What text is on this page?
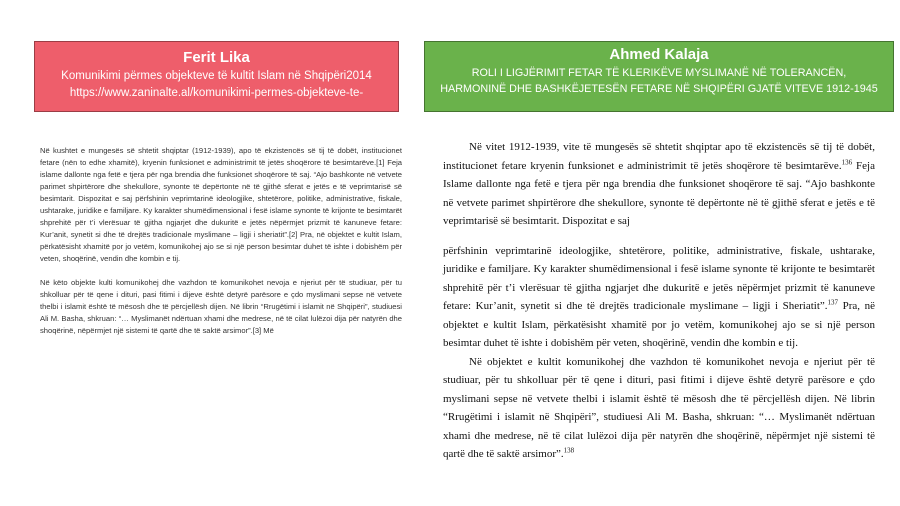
Ferit Lika
Komunikimi përmes objekteve të kultit Islam në Shqipëri2014
https://www.zaninalte.al/komunikimi-permes-objekteve-te-
Ahmed Kalaja
ROLI I LIGJËRIMIT FETAR TË KLERIKËVE MYSLIMANË NË TOLERANCËN,
HARMONINË DHE BASHKËJETESËN FETARE NË SHQIPËRI GJATË VITEVE 1912-1945

Në kushtet e mungesës së shtetit shqiptar (1912-1939), apo të ekzistencës së tij të dobët, institucionet fetare (nën to edhe xhamitë), kryenin funksionet e administrimit të jetës shoqërore të besimtarëve.[1] Feja islame dallonte nga fetë e tjera për nga brendia dhe funksionet shoqërore të saj. “Ajo bashkonte në vetvete parimet shpirtërore dhe shekullore, synonte të depërtonte në të gjithë sferat e jetës e të veprimtarisë së besimtarit. Dispozitat e saj përfshinin veprimtarinë ideologjike, shtetërore, politike, administrative, fiskale, ushtarake, juridike e familjare. Ky karakter shumëdimensional i fesë islame synonte të krijonte te besimtarët shprehitë për t’i vlerësuar të gjitha ngjarjet dhe dukuritë e jetës nëpërmjet prizmit të kanuneve fetare: Kur’anit, synetit si dhe të drejtës tradicionale myslimane – ligji i sheriatit”.[2] Pra, në objektet e kultit Islam, përkatësisht xhamitë por jo vetëm, komunikohej ajo se si një person besimtar duhet të ishte i dobishëm për veten, shoqërinë, vendin dhe kombin e tij.

Në këto objekte kulti komunikohej dhe vazhdon të komunikohet nevoja e njeriut për të studiuar, për tu shkolluar për të qene i dituri, pasi fitimi i dijeve është detyrë parësore e çdo myslimani sepse në vetvete thelbi i islamit është të mësosh dhe të përcjellësh dijen. Në librin “Rrugëtimi i islamit në Shqipëri”, studiuesi Ali M. Basha, shkruan: “… Myslimanët ndërtuan xhami dhe medrese, në të cilat lulëzoi dija për natyrën dhe shoqërinë, nëpërmjet një sistemi të qartë dhe të saktë arsimor”.[3] Më

Në vitet 1912-1939, vite të mungesës së shtetit shqiptar apo të ekzistencës së tij të dobët, institucionet fetare kryenin funksionet e administrimit të jetës shoqërore të besimtarëve.$^{136}$ Feja Islame dallonte nga fetë e tjera për nga brendia dhe funksionet shoqërore të saj. “Ajo bashkonte në vetvete parimet shpirtërore dhe shekullore, synonte të depërtonte në të gjithë sferat e jetës e të veprimtarisë së besimtarit. Dispozitat e saj

përfshinin veprimtarinë ideologjike, shtetërore, politike, administrative, fiskale, ushtarake, juridike e familjare. Ky karakter shumëdimensional i fesë islame synonte të krijonte te besimtarët shprehitë për t’i vlerësuar të gjitha ngjarjet dhe dukuritë e jetës nëpërmjet prizmit të kanuneve fetare: Kur’anit, synetit si dhe të drejtës tradicionale myslimane – ligji i Sheriatit”.$^{137}$ Pra, në objektet e kultit Islam, përkatësisht xhamitë por jo vetëm, komunikohej ajo se si një person besimtar duhet të ishte i dobishëm për veten, shoqërinë, vendin dhe kombin e tij.

Në objektet e kultit komunikohej dhe vazhdon të komunikohet nevoja e njeriut për të studiuar, për tu shkolluar për të qene i dituri, pasi fitimi i dijeve është detyrë parësore e çdo myslimani sepse në vetvete thelbi i islamit është të mësosh dhe të përcjellësh dijen. Në librin “Rrugëtimi i islamit në Shqipëri”, studiuesi Ali M. Basha, shkruan: “… Myslimanët ndërtuan xhami dhe medrese, në të cilat lulëzoi dija për natyrën dhe shoqërinë, nëpërmjet një sistemi të qartë dhe të saktë arsimor”.$^{138}$
